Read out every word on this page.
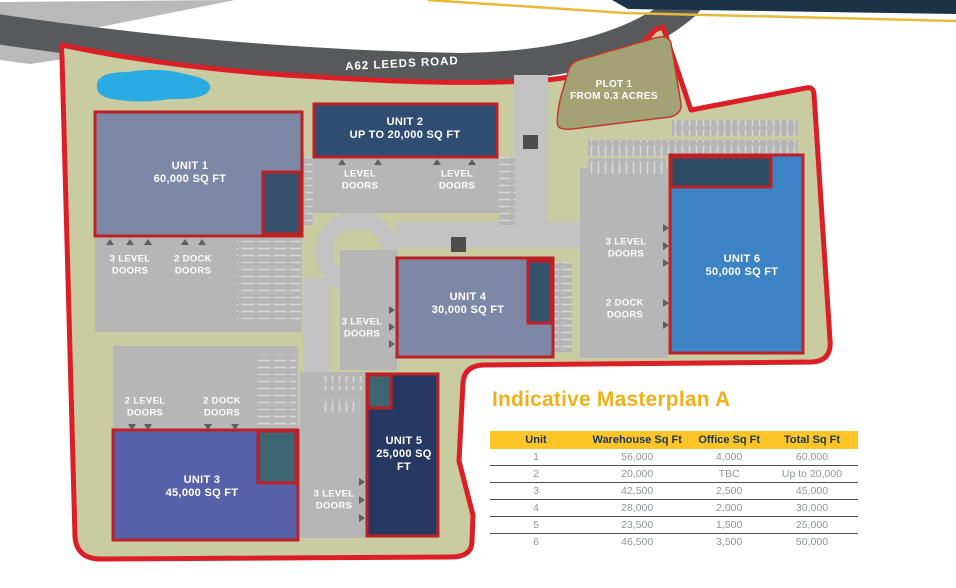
A62 LEEDS ROAD
PLOT 1
FROM 0.3 ACRES
UNIT 1
60,000 SQ FT
UNIT 2
UP TO 20,000 SQ FT
UNIT 3
45,000 SQ FT
UNIT 4
30,000 SQ FT
UNIT 5
25,000 SQ FT
UNIT 6
50,000 SQ FT
3 LEVEL DOORS
2 DOCK DOORS
LEVEL DOORS
LEVEL DOORS
2 LEVEL DOORS
2 DOCK DOORS
3 LEVEL DOORS
3 LEVEL DOORS
3 LEVEL DOORS
2 DOCK DOORS
Indicative Masterplan A
Unit	Warehouse Sq Ft	Office Sq Ft	Total Sq Ft
1	56,000	4,000	60,000
2	20,000	TBC	Up to 20,000
3	42,500	2,500	45,000
4	28,000	2,000	30,000
5	23,500	1,500	25,000
6	46,500	3,500	50,000
